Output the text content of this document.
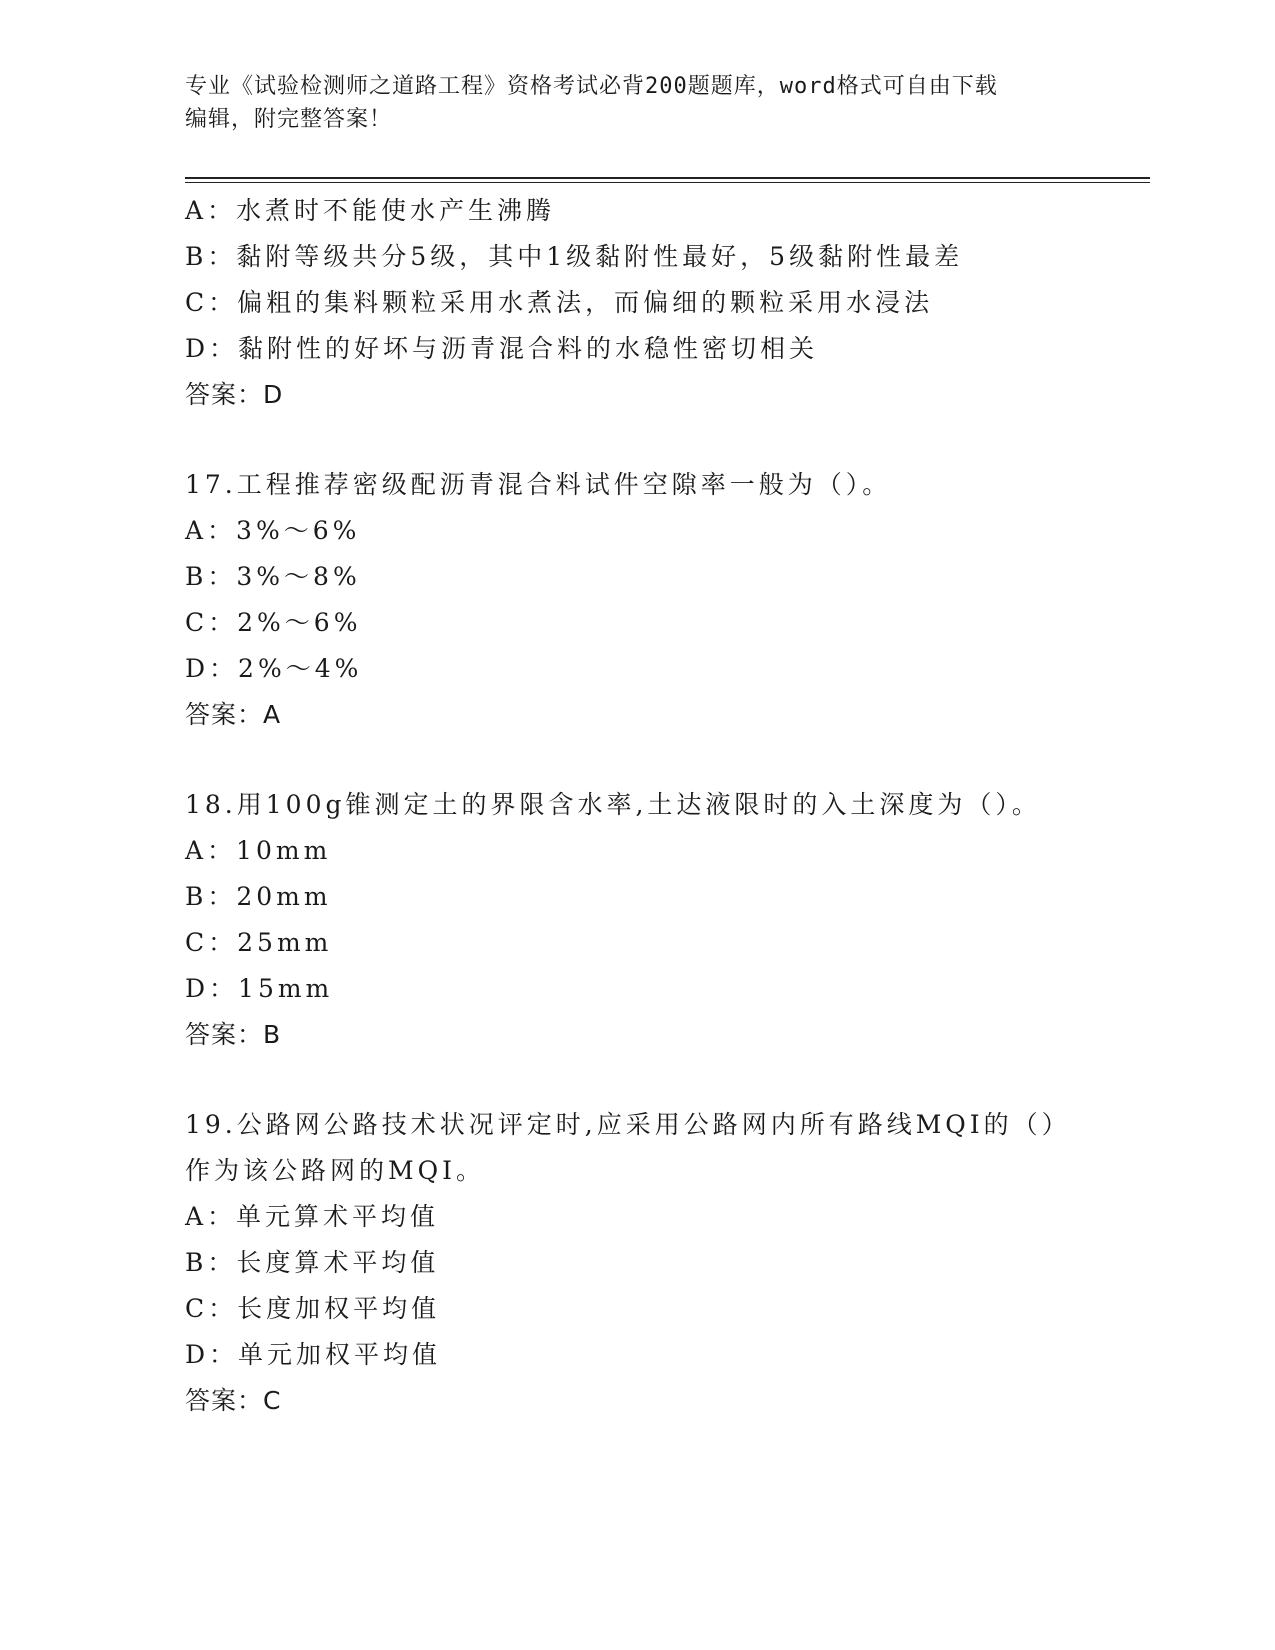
专业《试验检测师之道路工程》资格考试必背200题题库，word格式可自由下载
编辑，附完整答案！
A：水煮时不能使水产生沸腾
B：黏附等级共分5级，其中1级黏附性最好，5级黏附性最差
C：偏粗的集料颗粒采用水煮法，而偏细的颗粒采用水浸法
D：黏附性的好坏与沥青混合料的水稳性密切相关
答案：D
17.工程推荐密级配沥青混合料试件空隙率一般为（）。
A：3%～6%
B：3%～8%
C：2%～6%
D：2%～4%
答案：A
18.用100g锥测定土的界限含水率,土达液限时的入土深度为（）。
A：10mm
B：20mm
C：25mm
D：15mm
答案：B
19.公路网公路技术状况评定时,应采用公路网内所有路线MQI的（）
作为该公路网的MQI。
A：单元算术平均值
B：长度算术平均值
C：长度加权平均值
D：单元加权平均值
答案：C
